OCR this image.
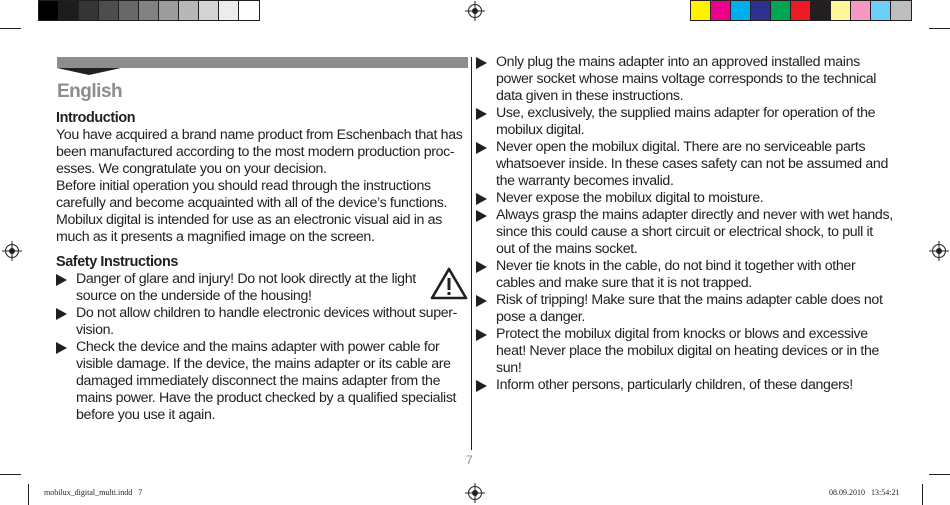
English

Introduction

You have acquired a brand name product from Eschenbach that has

been manufactured according to the most modern production proc-

esses. We congratulate you on your decision.

Before initial operation you should read through the instructions

carefully and become acquainted with all of the device’s functions.

Mobilux digital is intended for use as an electronic visual aid in as

much as it presents a magnified image on the screen.

Safety Instructions

Danger of glare and injury! Do not look directly at the light

source on the underside of the housing!

Do not allow children to handle electronic devices without super-

vision.

Check the device and the mains adapter with power cable for

visible damage. If the device, the mains adapter or its cable are

damaged immediately disconnect the mains adapter from the

mains power. Have the product checked by a qualified specialist

before you use it again.

7

Only plug the mains adapter into an approved installed mains

power socket whose mains voltage corresponds to the technical

data given in these instructions.

Use, exclusively, the supplied mains adapter for operation of the

mobilux digital.

Never open the mobilux digital. There are no serviceable parts

whatsoever inside. In these cases safety can not be assumed and

the warranty becomes invalid.

Never expose the mobilux digital to moisture.

Always grasp the mains adapter directly and never with wet hands,

since this could cause a short circuit or electrical shock, to pull it

out of the mains socket.

Never tie knots in the cable, do not bind it together with other

cables and make sure that it is not trapped.

Risk of tripping! Make sure that the mains adapter cable does not

pose a danger.

Protect the mobilux digital from knocks or blows and excessive

heat! Never place the mobilux digital on heating devices or in the

sun!

Inform other persons, particularly children, of these dangers!

mobilux_digital_multi.indd   7	08.09.2010   13:54:21
